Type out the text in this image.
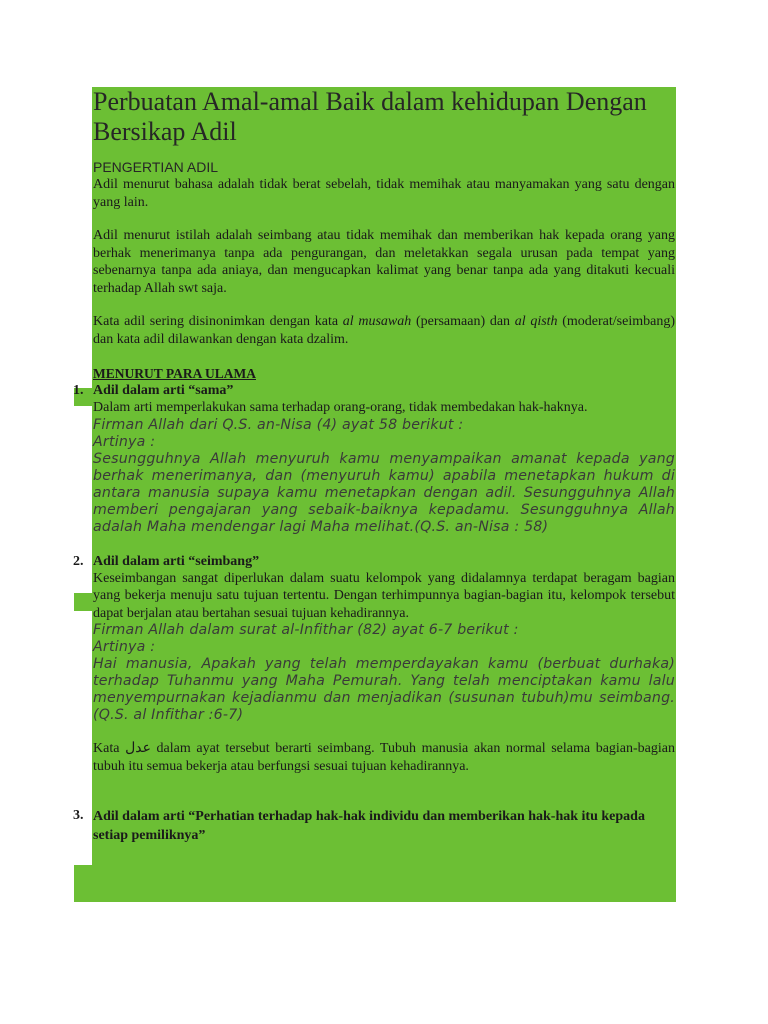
Perbuatan Amal-amal Baik dalam kehidupan Dengan Bersikap Adil
PENGERTIAN ADIL

Adil menurut bahasa adalah tidak berat sebelah, tidak memihak atau manyamakan yang satu dengan yang lain.

Adil menurut istilah adalah seimbang atau tidak memihak dan memberikan hak kepada orang yang berhak menerimanya tanpa ada pengurangan, dan meletakkan segala urusan pada tempat yang sebenarnya tanpa ada aniaya, dan mengucapkan kalimat yang benar tanpa ada yang ditakuti kecuali terhadap Allah swt saja.

Kata adil sering disinonimkan dengan kata al musawah (persamaan) dan al qisth (moderat/seimbang) dan kata adil dilawankan dengan kata dzalim.

MENURUT PARA ULAMA
1. Adil dalam arti “sama”

Dalam arti memperlakukan sama terhadap orang-orang, tidak membedakan hak-haknya.

Firman Allah dari Q.S. an-Nisa (4) ayat 58 berikut :
Artinya :
Sesungguhnya Allah menyuruh kamu menyampaikan amanat kepada yang berhak menerimanya, dan (menyuruh kamu) apabila menetapkan hukum di antara manusia supaya kamu menetapkan dengan adil. Sesungguhnya Allah memberi pengajaran yang sebaik-baiknya kepadamu. Sesungguhnya Allah adalah Maha mendengar lagi Maha melihat.(Q.S. an-Nisa : 58)
2. Adil dalam arti “seimbang”

Keseimbangan sangat diperlukan dalam suatu kelompok yang didalamnya terdapat beragam bagian yang bekerja menuju satu tujuan tertentu. Dengan terhimpunnya bagian-bagian itu, kelompok tersebut dapat berjalan atau bertahan sesuai tujuan kehadirannya.

Firman Allah dalam surat al-Infithar (82) ayat 6-7 berikut :
Artinya :
Hai manusia, Apakah yang telah memperdayakan kamu (berbuat durhaka) terhadap Tuhanmu yang Maha Pemurah. Yang telah menciptakan kamu lalu menyempurnakan kejadianmu dan menjadikan (susunan tubuh)mu seimbang. (Q.S. al Infithar :6-7)

Kata عدل dalam ayat tersebut berarti seimbang. Tubuh manusia akan normal selama bagian-bagian tubuh itu semua bekerja atau berfungsi sesuai tujuan kehadirannya.

3. Adil dalam arti “Perhatian terhadap hak-hak individu dan memberikan hak-hak itu kepada setiap pemiliknya”
